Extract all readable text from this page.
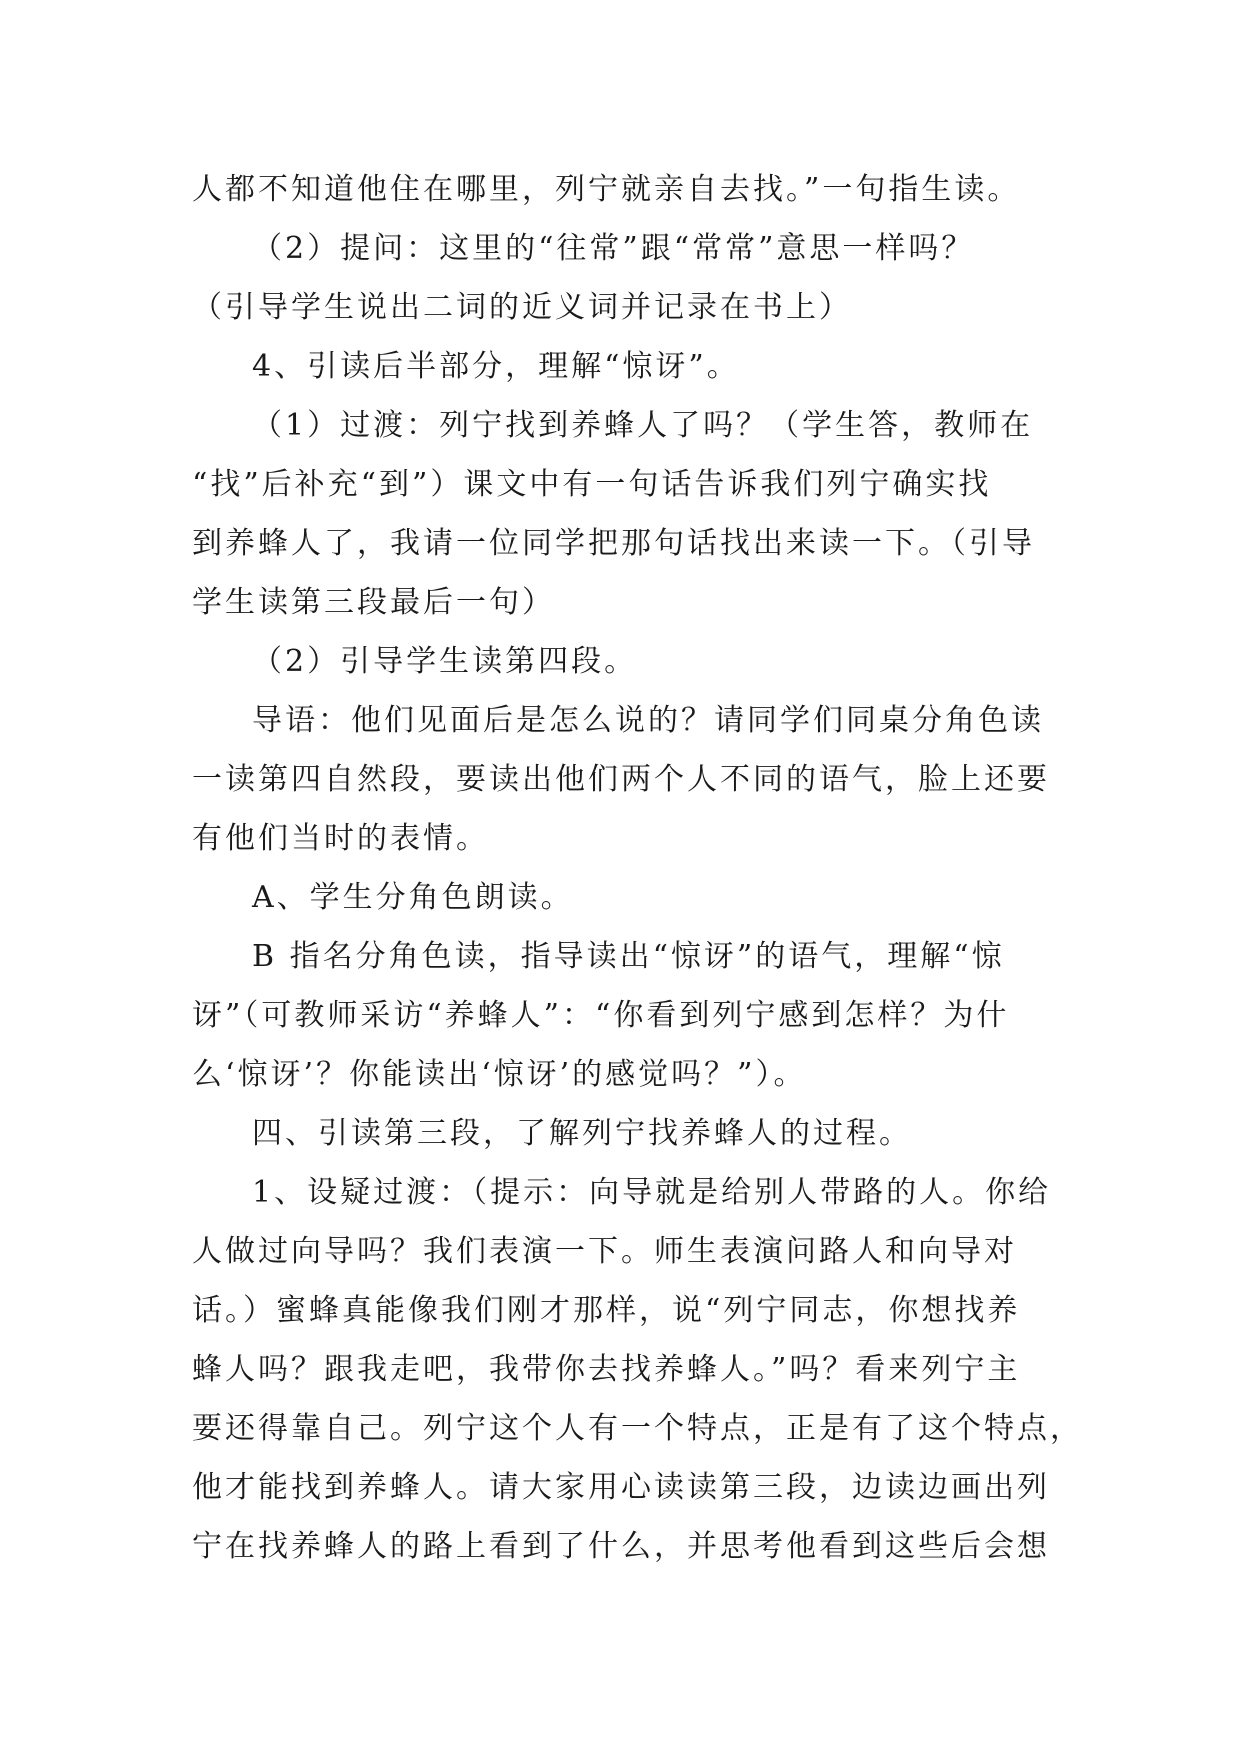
人都不知道他住在哪里，列宁就亲自去找。”一句指生读。
（2）提问：这里的“往常”跟“常常”意思一样吗？
（引导学生说出二词的近义词并记录在书上）
4、引读后半部分，理解“惊讶”。
（1）过渡：列宁找到养蜂人了吗？（学生答，教师在
“找”后补充“到”）课文中有一句话告诉我们列宁确实找
到养蜂人了，我请一位同学把那句话找出来读一下。（引导
学生读第三段最后一句）
（2）引导学生读第四段。
导语：他们见面后是怎么说的？请同学们同桌分角色读
一读第四自然段，要读出他们两个人不同的语气，脸上还要
有他们当时的表情。
A、学生分角色朗读。
B 指名分角色读，指导读出“惊讶”的语气，理解“惊
讶”（可教师采访“养蜂人”：“你看到列宁感到怎样？为什
么‘惊讶’？你能读出‘惊讶’的感觉吗？”）。
四、引读第三段，了解列宁找养蜂人的过程。
1、设疑过渡：（提示：向导就是给别人带路的人。你给
人做过向导吗？我们表演一下。师生表演问路人和向导对
话。）蜜蜂真能像我们刚才那样，说“列宁同志，你想找养
蜂人吗？跟我走吧，我带你去找养蜂人。”吗？看来列宁主
要还得靠自己。列宁这个人有一个特点，正是有了这个特点，
他才能找到养蜂人。请大家用心读读第三段，边读边画出列
宁在找养蜂人的路上看到了什么，并思考他看到这些后会想
